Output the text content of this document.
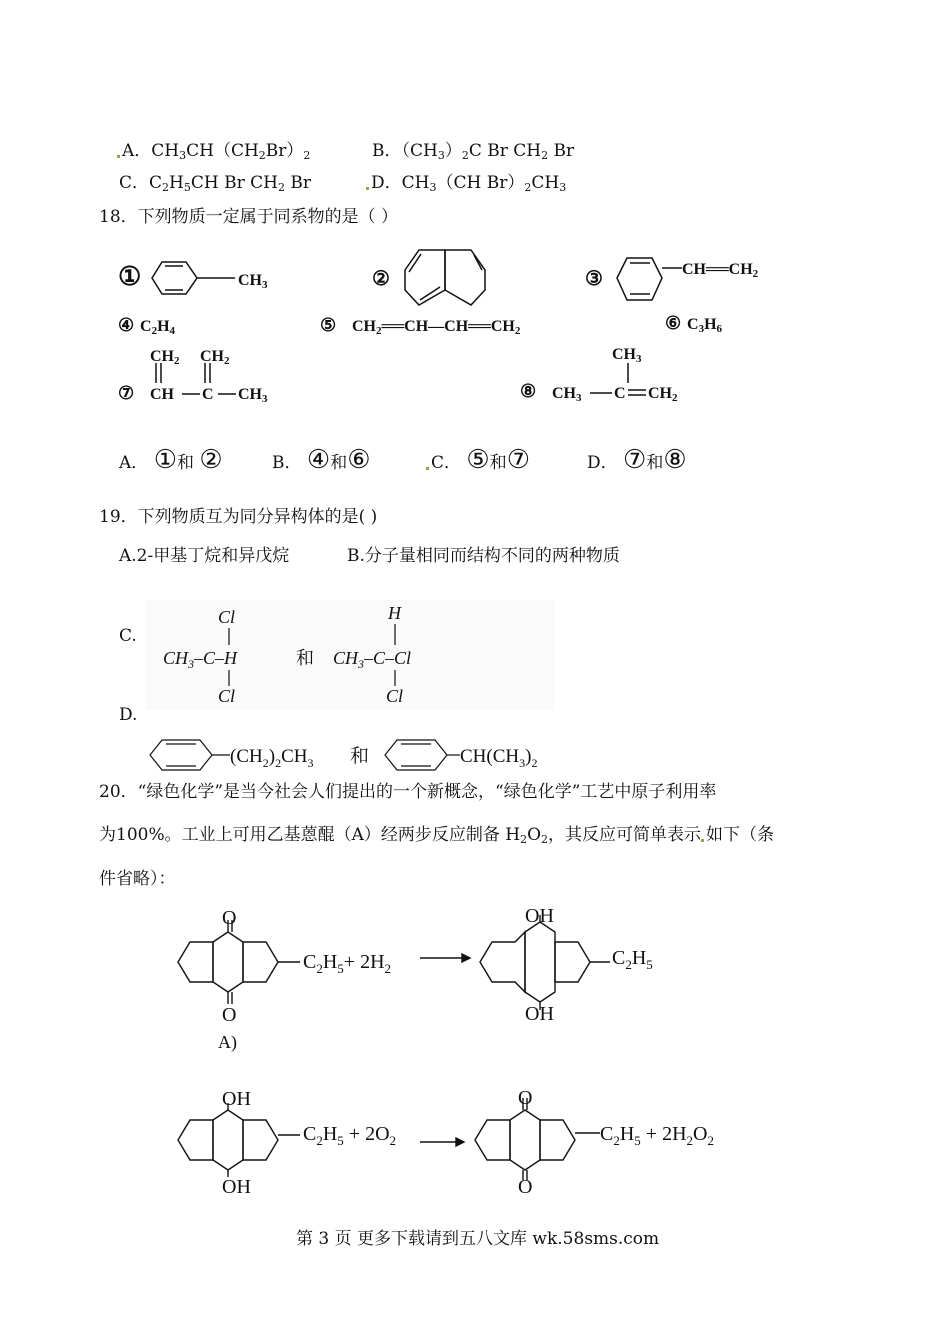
A．$CH_3CH(CH_2Br)_2$	B．$(CH_3)_2C$ Br $CH_2$ Br
C．$C_2H_5CH$ Br $CH_2$ Br	D．$CH_3(CH$ $Br)_2CH_3$
18．下列物质一定属于同系物的是（ ）
①	CH3	②	③	CH══CH2
④ C2H4	⑤ CH2══CH—CH══CH2	⑥ C3H6
CH2 CH2
⑦ CH C CH3
CH3
⑧ CH3 C CH2
A． ①和 ②	B． ④和⑥	C． ⑤和⑦	D． ⑦和⑧
19．下列物质互为同分异构体的是( )
A.2-甲基丁烷和异戊烷	B.分子量相同而结构不同的两种物质
C.
D.
Cl
$CH_3-C-H$
Cl
H
$CH_3-C-Cl$
Cl
和
$(CH_2)_2CH_3$ 和	$CH(CH_3)_2$
20．“绿色化学”是当今社会人们提出的一个新概念，“绿色化学”工艺中原子利用率
为100%。工业上可用乙基蒽醌（A）经两步反应制备 $H_2O_2$，其反应可简单表示 如下（条
件省略）：
O
O
$C_2H_5+ 2H_2$
OH
OH
$C_2H_5$
A)
OH
OH
$C_2H_5 + 2O_2$
O
O
$C_2H_5 + 2H_2O_2$
第 3 页 更多下载请到五八文库 wk.58sms.com
